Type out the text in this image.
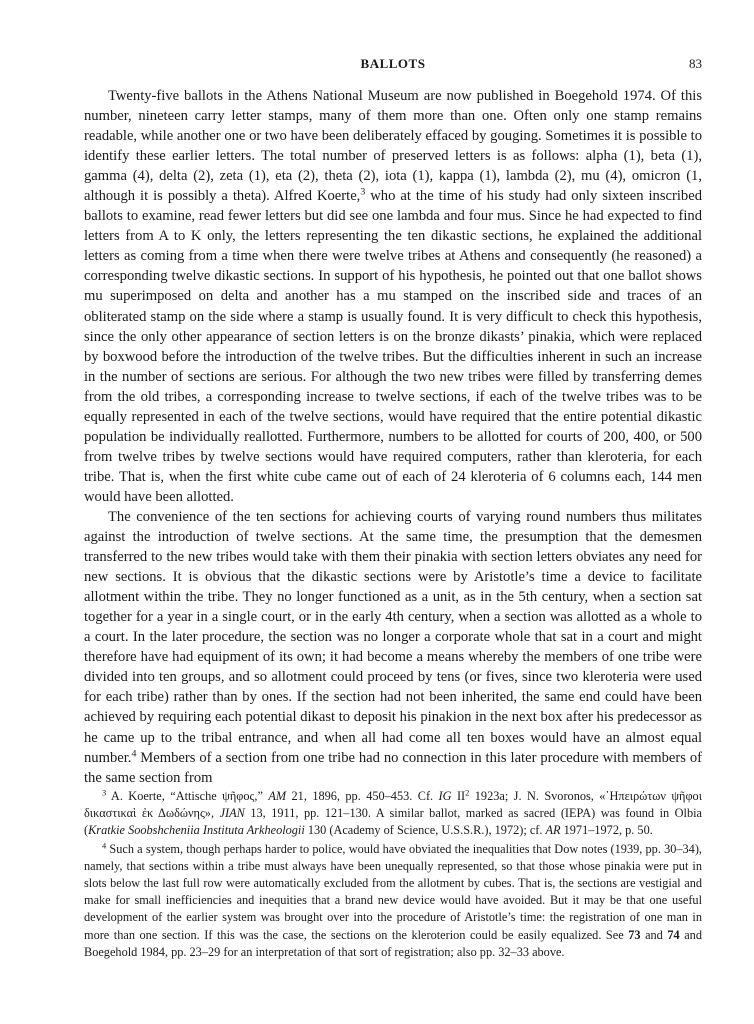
BALLOTS	83

Twenty-five ballots in the Athens National Museum are now published in Boegehold 1974. Of this number, nineteen carry letter stamps, many of them more than one. Often only one stamp remains readable, while another one or two have been deliberately effaced by gouging. Sometimes it is possible to identify these earlier letters. The total number of preserved letters is as follows: alpha (1), beta (1), gamma (4), delta (2), zeta (1), eta (2), theta (2), iota (1), kappa (1), lambda (2), mu (4), omicron (1, although it is possibly a theta). Alfred Koerte,$^3$ who at the time of his study had only sixteen inscribed ballots to examine, read fewer letters but did see one lambda and four mus. Since he had expected to find letters from A to K only, the letters representing the ten dikastic sections, he explained the additional letters as coming from a time when there were twelve tribes at Athens and consequently (he reasoned) a corresponding twelve dikastic sections. In support of his hypothesis, he pointed out that one ballot shows mu superimposed on delta and another has a mu stamped on the inscribed side and traces of an obliterated stamp on the side where a stamp is usually found. It is very difficult to check this hypothesis, since the only other appearance of section letters is on the bronze dikasts’ pinakia, which were replaced by boxwood before the introduction of the twelve tribes. But the difficulties inherent in such an increase in the number of sections are serious. For although the two new tribes were filled by transferring demes from the old tribes, a corresponding increase to twelve sections, if each of the twelve tribes was to be equally represented in each of the twelve sections, would have required that the entire potential dikastic population be individually reallotted. Furthermore, numbers to be allotted for courts of 200, 400, or 500 from twelve tribes by twelve sections would have required computers, rather than kleroteria, for each tribe. That is, when the first white cube came out of each of 24 kleroteria of 6 columns each, 144 men would have been allotted.

The convenience of the ten sections for achieving courts of varying round numbers thus militates against the introduction of twelve sections. At the same time, the presumption that the demesmen transferred to the new tribes would take with them their pinakia with section letters obviates any need for new sections. It is obvious that the dikastic sections were by Aristotle’s time a device to facilitate allotment within the tribe. They no longer functioned as a unit, as in the 5th century, when a section sat together for a year in a single court, or in the early 4th century, when a section was allotted as a whole to a court. In the later procedure, the section was no longer a corporate whole that sat in a court and might therefore have had equipment of its own; it had become a means whereby the members of one tribe were divided into ten groups, and so allotment could proceed by tens (or fives, since two kleroteria were used for each tribe) rather than by ones. If the section had not been inherited, the same end could have been achieved by requiring each potential dikast to deposit his pinakion in the next box after his predecessor as he came up to the tribal entrance, and when all had come all ten boxes would have an almost equal number.$^4$ Members of a section from one tribe had no connection in this later procedure with members of the same section from

$^3$ A. Koerte, “Attische ψῆφος,” AM 21, 1896, pp. 450–453. Cf. IG $II^2$ 1923a; J. N. Svoronos, «᾿Ηπειρώτων ψῆφοι δικαστικαὶ ἐκ Δωδώνης», JIAN 13, 1911, pp. 121–130. A similar ballot, marked as sacred (ΙΕΡΑ) was found in Olbia (Kratkie Soobshcheniia Instituta Arkheologii 130 (Academy of Science, U.S.S.R.), 1972); cf. AR 1971–1972, p. 50.

$^4$ Such a system, though perhaps harder to police, would have obviated the inequalities that Dow notes (1939, pp. 30–34), namely, that sections within a tribe must always have been unequally represented, so that those whose pinakia were put in slots below the last full row were automatically excluded from the allotment by cubes. That is, the sections are vestigial and make for small inefficiencies and inequities that a brand new device would have avoided. But it may be that one useful development of the earlier system was brought over into the procedure of Aristotle’s time: the registration of one man in more than one section. If this was the case, the sections on the kleroterion could be easily equalized. See 73 and 74 and Boegehold 1984, pp. 23–29 for an interpretation of that sort of registration; also pp. 32–33 above.
